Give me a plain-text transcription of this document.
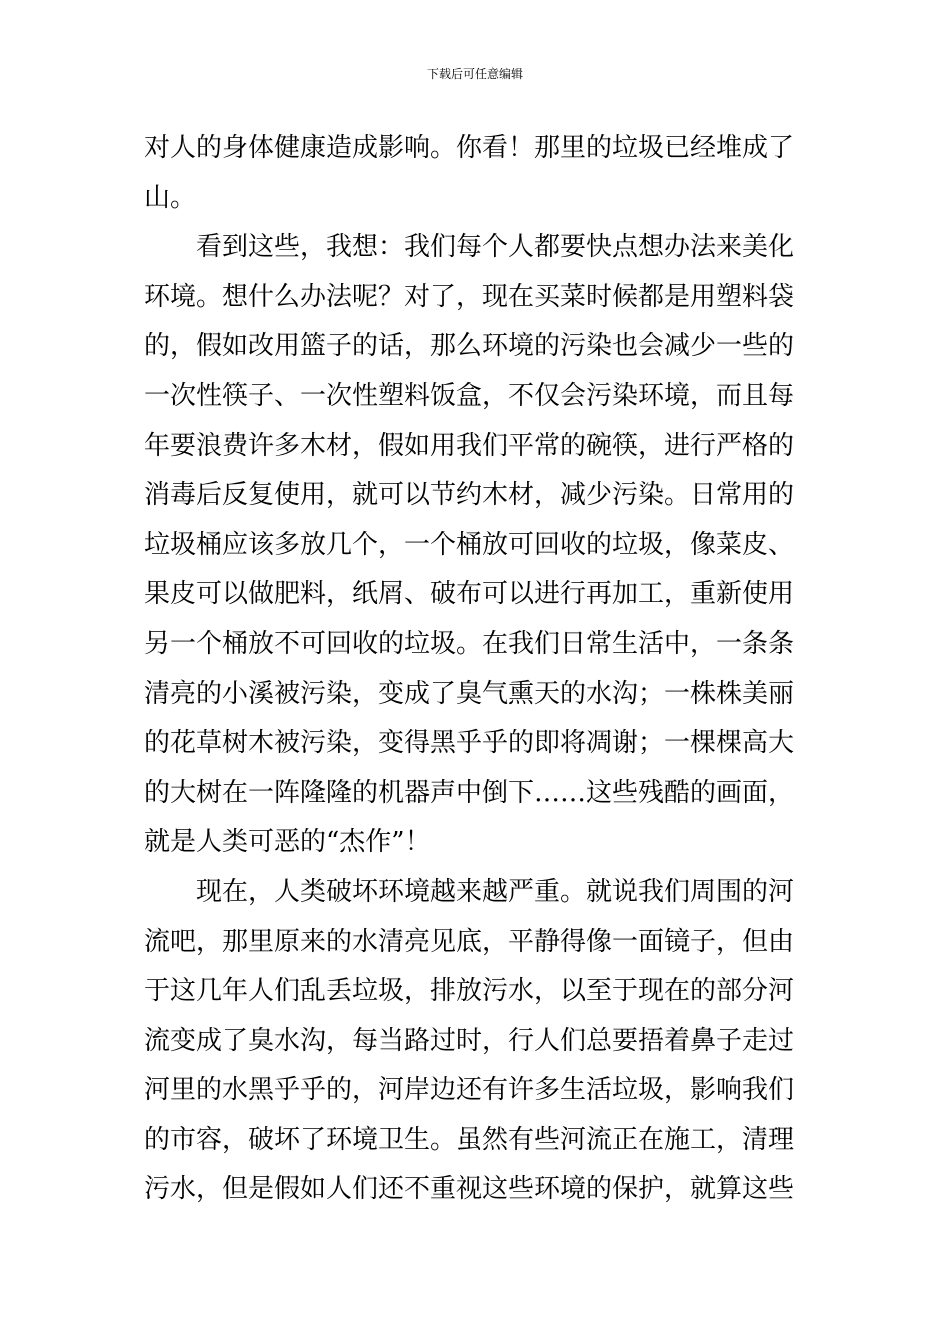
下载后可任意编辑
对人的身体健康造成影响。你看！那里的垃圾已经堆成了
山。
　　看到这些，我想：我们每个人都要快点想办法来美化
环境。想什么办法呢？对了，现在买菜时候都是用塑料袋
的，假如改用篮子的话，那么环境的污染也会减少一些的
一次性筷子、一次性塑料饭盒，不仅会污染环境，而且每
年要浪费许多木材，假如用我们平常的碗筷，进行严格的
消毒后反复使用，就可以节约木材，减少污染。日常用的
垃圾桶应该多放几个，一个桶放可回收的垃圾，像菜皮、
果皮可以做肥料，纸屑、破布可以进行再加工，重新使用
另一个桶放不可回收的垃圾。在我们日常生活中，一条条
清亮的小溪被污染，变成了臭气熏天的水沟；一株株美丽
的花草树木被污染，变得黑乎乎的即将凋谢；一棵棵高大
的大树在一阵隆隆的机器声中倒下……这些残酷的画面，
就是人类可恶的“杰作”！
　　现在，人类破坏环境越来越严重。就说我们周围的河
流吧，那里原来的水清亮见底，平静得像一面镜子，但由
于这几年人们乱丢垃圾，排放污水，以至于现在的部分河
流变成了臭水沟，每当路过时，行人们总要捂着鼻子走过
河里的水黑乎乎的，河岸边还有许多生活垃圾，影响我们
的市容，破坏了环境卫生。虽然有些河流正在施工，清理
污水，但是假如人们还不重视这些环境的保护，就算这些
